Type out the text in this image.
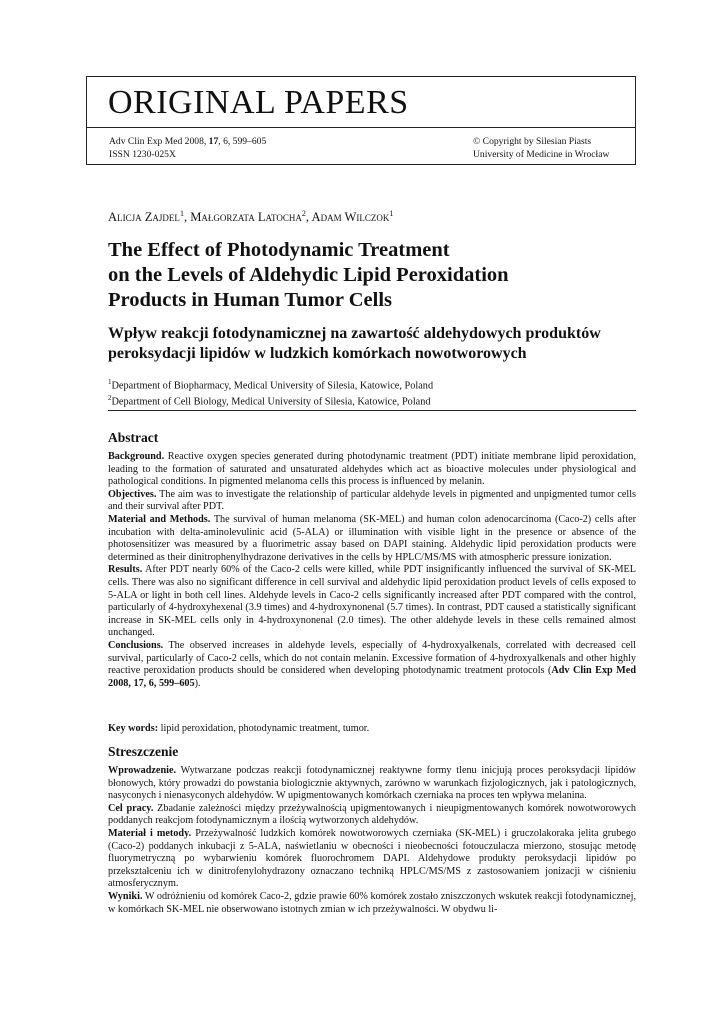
ORIGINAL PAPERS
Adv Clin Exp Med 2008, 17, 6, 599–605
ISSN 1230-025X
© Copyright by Silesian Piasts
University of Medicine in Wrocław
Alicja Zajdel$^1$, Małgorzata Latocha$^2$, Adam Wilczok$^1$
The Effect of Photodynamic Treatment
on the Levels of Aldehydic Lipid Peroxidation
Products in Human Tumor Cells
Wpływ reakcji fotodynamicznej na zawartość aldehydowych produktów
peroksydacji lipidów w ludzkich komórkach nowotworowych
$^1$Department of Biopharmacy, Medical University of Silesia, Katowice, Poland
$^2$Department of Cell Biology, Medical University of Silesia, Katowice, Poland
Abstract

Background. Reactive oxygen species generated during photodynamic treatment (PDT) initiate membrane lipid peroxidation, leading to the formation of saturated and unsaturated aldehydes which act as bioactive molecules under physiological and pathological conditions. In pigmented melanoma cells this process is influenced by melanin.

Objectives. The aim was to investigate the relationship of particular aldehyde levels in pigmented and unpigmented tumor cells and their survival after PDT.

Material and Methods. The survival of human melanoma (SK-MEL) and human colon adenocarcinoma (Caco-2) cells after incubation with delta-aminolevulinic acid (5-ALA) or illumination with visible light in the presence or absence of the photosensitizer was measured by a fluorimetric assay based on DAPI staining. Aldehydic lipid peroxidation products were determined as their dinitrophenylhydrazone derivatives in the cells by HPLC/MS/MS with atmospheric pressure ionization.

Results. After PDT nearly 60% of the Caco-2 cells were killed, while PDT insignificantly influenced the survival of SK-MEL cells. There was also no significant difference in cell survival and aldehydic lipid peroxidation product levels of cells exposed to 5-ALA or light in both cell lines. Aldehyde levels in Caco-2 cells significantly increased after PDT compared with the control, particularly of 4-hydroxyhexenal (3.9 times) and 4-hydroxynonenal (5.7 times). In contrast, PDT caused a statistically significant increase in SK-MEL cells only in 4-hydroxynonenal (2.0 times). The other aldehyde levels in these cells remained almost unchanged.

Conclusions. The observed increases in aldehyde levels, especially of 4-hydroxyalkenals, correlated with decreased cell survival, particularly of Caco-2 cells, which do not contain melanin. Excessive formation of 4-hydroxyalkenals and other highly reactive peroxidation products should be considered when developing photodynamic treatment protocols (Adv Clin Exp Med 2008, 17, 6, 599–605).

Key words: lipid peroxidation, photodynamic treatment, tumor.
Streszczenie

Wprowadzenie. Wytwarzane podczas reakcji fotodynamicznej reaktywne formy tlenu inicjują proces peroksydacji lipidów błonowych, który prowadzi do powstania biologicznie aktywnych, zarówno w warunkach fizjologicznych, jak i patologicznych, nasyconych i nienasyconych aldehydów. W upigmentowanych komórkach czerniaka na proces ten wpływa melanina.

Cel pracy. Zbadanie zależności między przeżywalnością upigmentowanych i nieupigmentowanych komórek nowotworowych poddanych reakcjom fotodynamicznym a ilością wytworzonych aldehydów.

Materiał i metody. Przeżywalność ludzkich komórek nowotworowych czerniaka (SK-MEL) i gruczolakoraka jelita grubego (Caco-2) poddanych inkubacji z 5-ALA, naświetlaniu w obecności i nieobecności fotouczulacza mierzono, stosując metodę fluorymetryczną po wybarwieniu komórek fluorochromem DAPI. Aldehydowe produkty peroksydacji lipidów po przekształceniu ich w dinitrofenylohydrazony oznaczano techniką HPLC/MS/MS z zastosowaniem jonizacji w ciśnieniu atmosferycznym.

Wyniki. W odróżnieniu od komórek Caco-2, gdzie prawie 60% komórek zostało zniszczonych wskutek reakcji fotodynamicznej, w komórkach SK-MEL nie obserwowano istotnych zmian w ich przeżywalności. W obydwu li-
